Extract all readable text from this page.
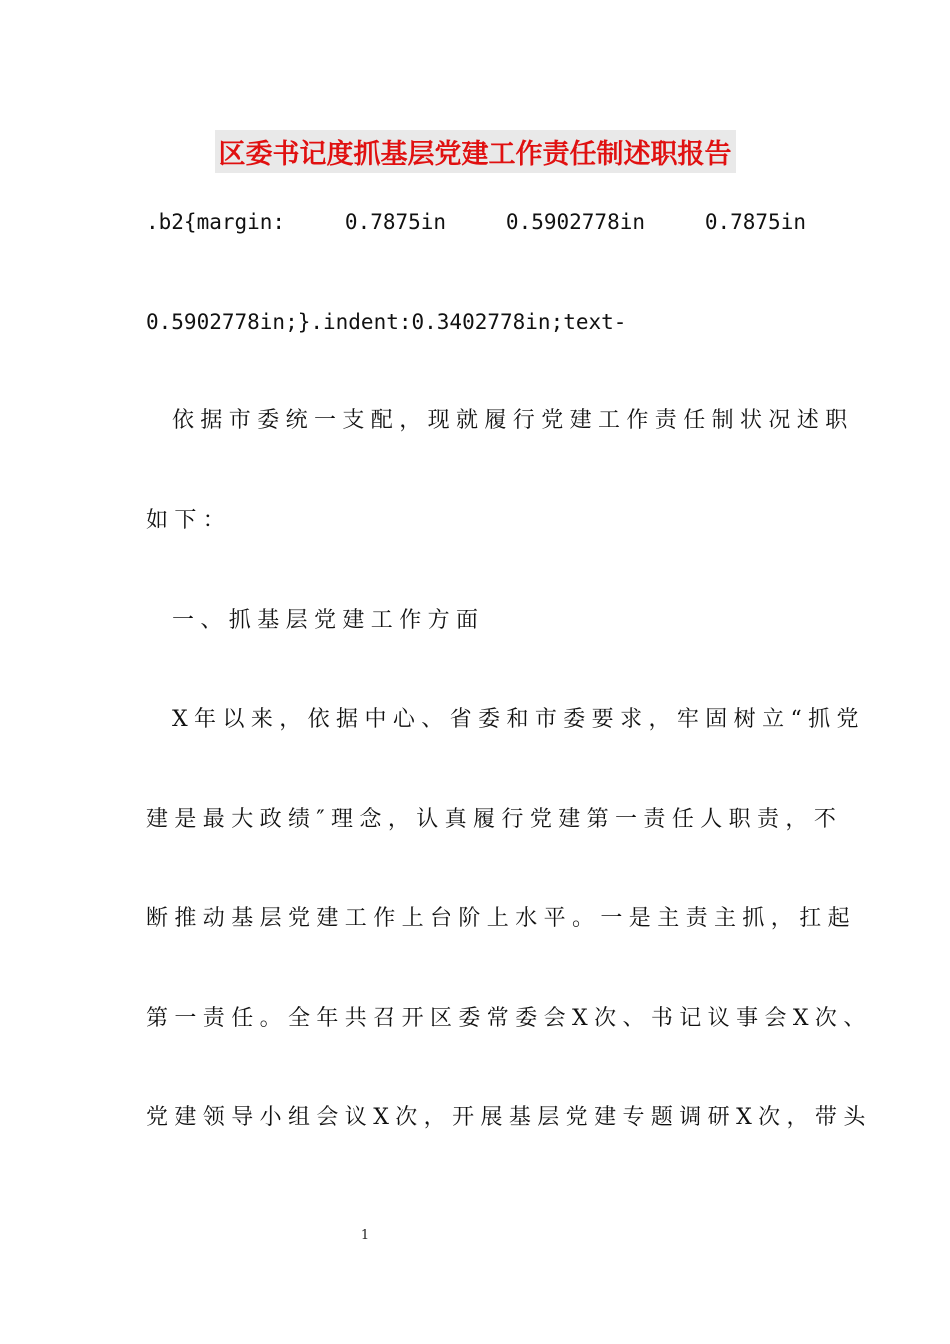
区委书记度抓基层党建工作责任制述职报告
.b2{margin:	0.7875in	0.5902778in	0.7875in
0.5902778in;}.indent:0.3402778in;text-
依据市委统一支配，现就履行党建工作责任制状况述职
如下：
一、抓基层党建工作方面
X年以来，依据中心、省委和市委要求，牢固树立“抓党
建是最大政绩″理念，认真履行党建第一责任人职责，不
断推动基层党建工作上台阶上水平。一是主责主抓，扛起
第一责任。全年共召开区委常委会X次、书记议事会X次、
党建领导小组会议X次，开展基层党建专题调研X次，带头
1
